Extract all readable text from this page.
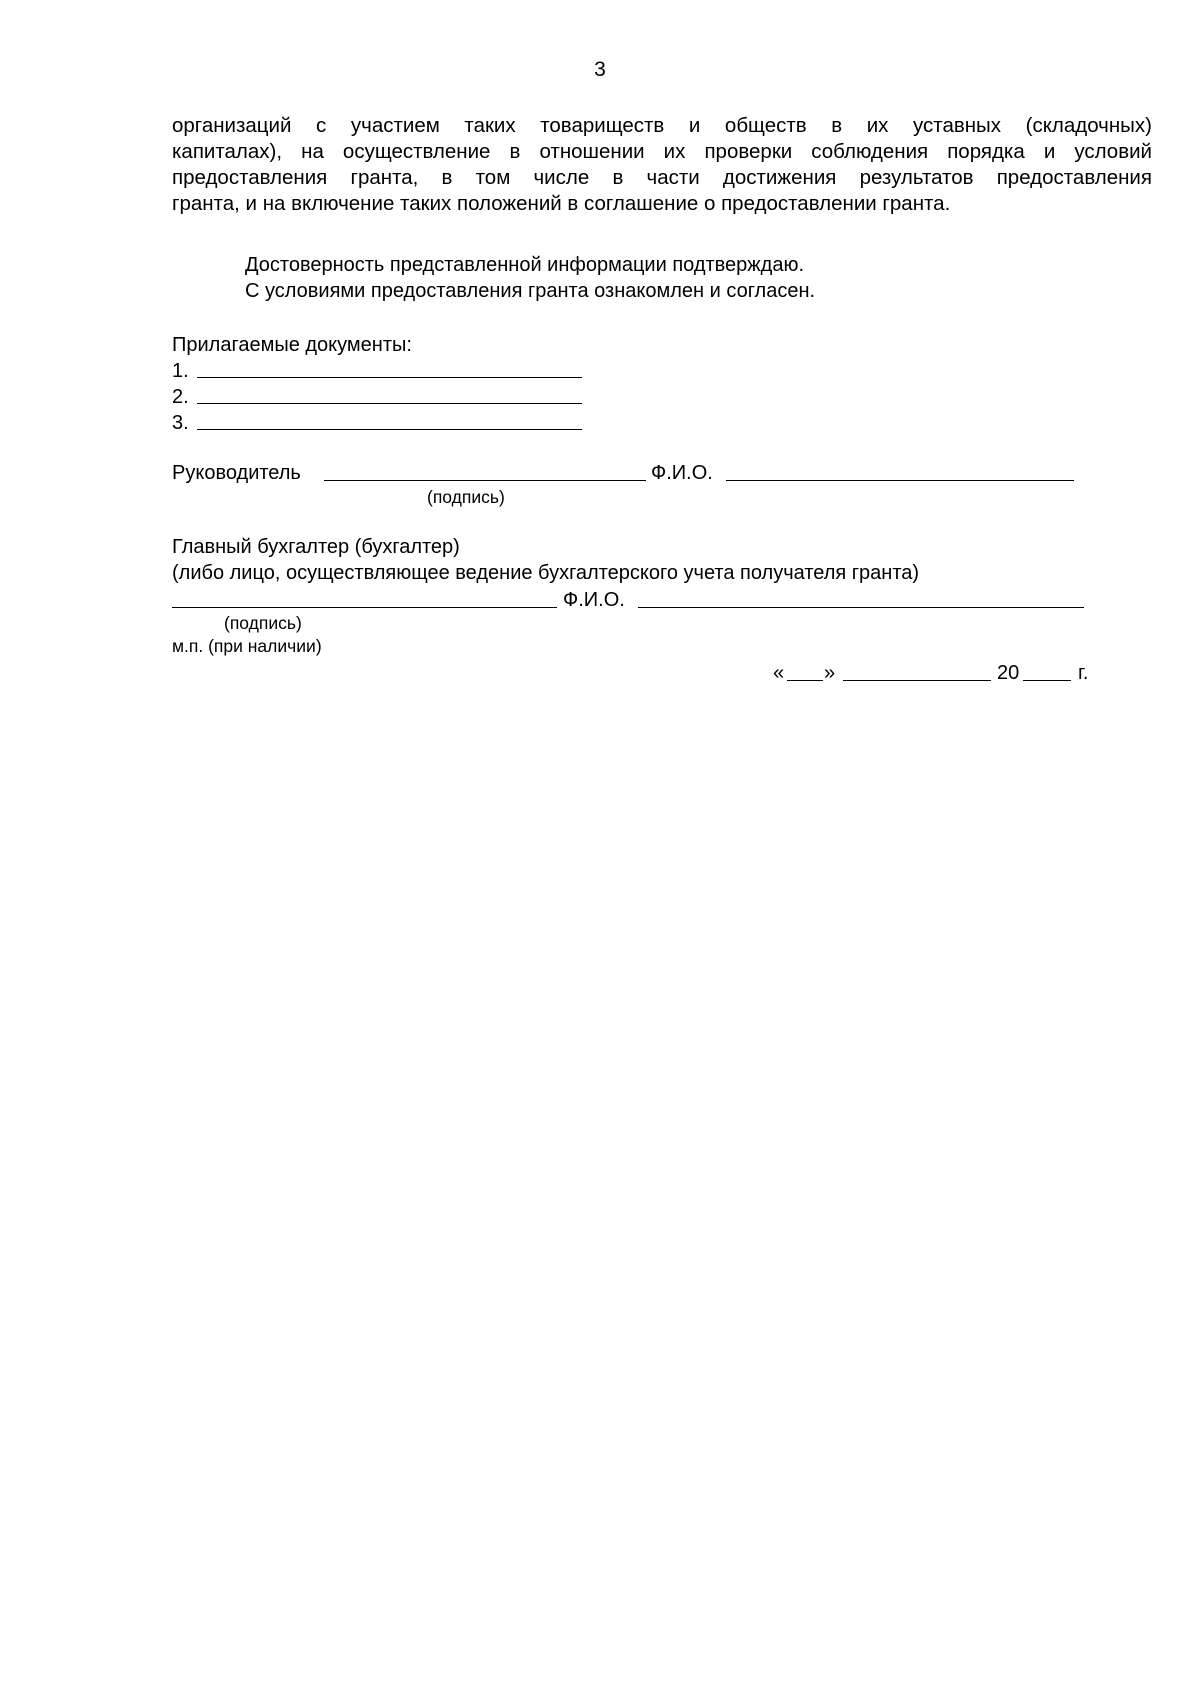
3
организаций с участием таких товариществ и обществ в их уставных (складочных)
капиталах), на осуществление в отношении их проверки соблюдения порядка и условий
предоставления гранта, в том числе в части достижения результатов предоставления
гранта, и на включение таких положений в соглашение о предоставлении гранта.
Достоверность представленной информации подтверждаю.
С условиями предоставления гранта ознакомлен и согласен.
Прилагаемые документы:
1.
2.
3.
Руководитель	Ф.И.О.
(подпись)
Главный бухгалтер (бухгалтер)
(либо лицо, осуществляющее ведение бухгалтерского учета получателя гранта)
Ф.И.О.
(подпись)
м.п. (при наличии)
« »	20	г.
